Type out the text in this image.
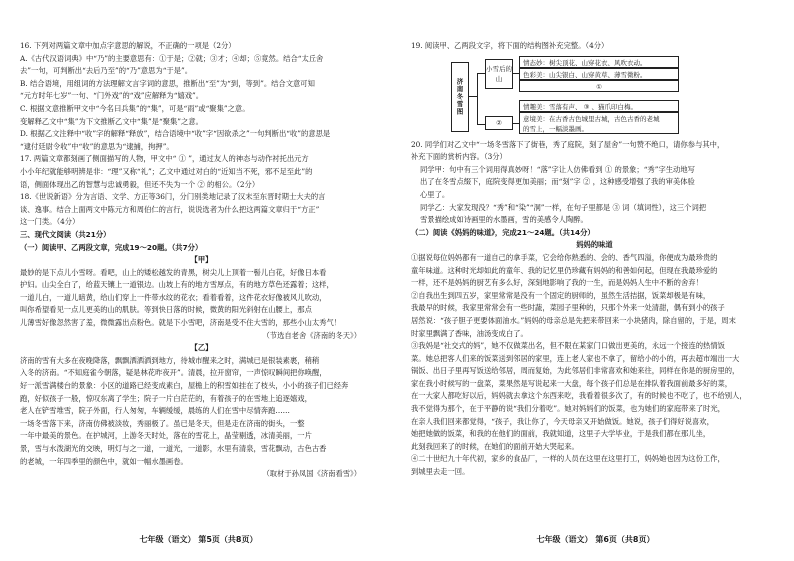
16. 下列对两篇文章中加点字意思的解说，不正确的一项是（2分）

A.《古代汉语词典》中“乃”的主要意思有：①于是；②就；③才；④却；⑤竟然。结合“太丘舍

去”一句，可判断出“去后乃至”的“乃”意思为“于是”。

B. 结合语境，用组词的方法理解文言字词的意思，推断出“至”为“到，等到”。结合文意可知

“元方时年七岁”一句、“门外戏”的“戏”应解释为“嬉戏”。

C. 根据文意推断甲文中“今名曰兵集”的“集”，可是“雨”或“聚集”之意。

变解释乙文中“集”为下文推断乙文中“集”是“聚集”之意。

D. 根据乙文注释中“收”字的解释“释放”，结合语境中“收”字“因欲杀之”一句判断出“收”的意思是

“逮付廷尉令收”中“收”的意思为“逮捕，拘押”。

17. 两篇文章都刻画了侧面描写的人物，甲文中“ ① ”，通过友人的神态与动作衬托出元方

小小年纪就能够明辨是非：“理”又称“礼”；乙文中通过对白的“近知当不死，邪不足至此”的

语，侧面体现出乙的智慧与忠诚勇毅，但还不失为一个 ② 的相公。（2分）

18.《世说新语》分为言语、文学、方正等36门，分门别类地记录了汉末至东晋时期士大夫的言

谈、逸事。结合上面两文中陈元方和周伯仁的言行，说说选者为什么把这两篇文章归于“方正”

这一门类。（4分）

三、现代文阅读（共21分）

（一）阅读甲、乙两段文章，完成19～20题。（共7分）

【甲】

最妙的是下点儿小雪呀。看吧，山上的矮松越发的青黑，树尖儿上顶着一髻儿白花，好像日本看

护妇。山尖全白了，给蓝天镶上一道银边。山坡上有的地方雪厚点，有的地方草色还露着；这样，

一道儿白，一道儿暗黄，给山们穿上一件带水纹的花衣；看着看着，这件花衣好像被风儿吹动，

叫你希望看见一点儿更美的山的肌肤。等到快日落的时候，微黄的阳光斜射在山腰上，那点

儿薄雪好像忽然害了羞，微微露出点粉色。就是下小雪吧，济南是受不住大雪的，那些小山太秀气！

（节选自老舍《济南的冬天》）

【乙】

济南的雪有大多在夜晚降落，飘飘洒洒洒到地方，待城市醒来之时，满城已是银装素裹，稍稍

入冬的济南。“不知庭雀今朝落，疑是林花昨夜开”。清晨，拉开窗帘，一声惊叹瞬间把你唤醒，

好一派雪满楼台的景象：小区的道路已经变成素白，屋檐上的积雪如挂在了枝头，小小的孩子们已经奔

跑，好似孩子一般，惊叹东离了学生；院子一片白茫茫的，有着孩子的在雪地上追逐嬉戏，

老人在铲雪堆雪，院子外面，行人匆匆，车辆缓缓，晨练的人们在雪中尽情奔跑……

一场冬雪落下来，济南仿佛被淡妆，秀丽极了。虽已是冬天，但是走在济南的街头，一整

一年中最美的景色。在护城河，上游冬天时处，落在的雪花上，晶莹剔透，冰清美丽，一片

景，雪与水泼湖光的交映，明灯与之一道，一道光，一道影，水里有清泉，雪花飘动，古色古香

的老城，一年四季里的颜色中，就如一幅水墨画卷。

（取材于孙凤国《济南看雪》）

七年级（语文） 第5页（共8页）

19. 阅读甲、乙两段文字，将下面的结构图补充完整。（4分）

济南冬雪图
小雪后的山
②
情态妙：树尖顶花、山穿花衣、风吹衣动。
色彩美：山尖银白、山穿黄草、薄雪微粉。
①
情趣美：雪落有声、 ③ 、猫爪印白梅。
意境美：在古香古色城里古城，古色古香的老城
的雪上，一幅淡墨画。

20. 同学们对乙文中“一场冬雪落下了街巷，秀了庭院，刻了屋舍”一句赞不绝口，请你参与其中，

补充下面的赏析内容。（3分）

同学甲：句中有三个词用得真妙呀！“落”字让人仿佛看到 ① 的景象；“秀”字生动地写

出了在冬雪点缀下，庭院变得更加美丽；而“刻”字 ② ，这种感受增强了我的审美体验

心里了。

同学乙：大家发现没？“秀”和“染”“洞”一样，在句子里都是 ③ 词（填词性），这三个词把

雪景描绘成如诗画里的水墨画，雪的美感令人陶醉。

（二）阅读《妈妈的味道》，完成21～24题。（共14分）

妈妈的味道

①据说每位妈妈都有一道自己的拿手菜，它会给你熟悉的、会的、香气四溢，你便成为最珍贵的

童年味道。这种时光却如此的童年、我的记忆里仍珍藏有妈妈的和善如何起，但现在我最珍爱的

一样，还不是妈妈的厨艺有多么好，深刻地影响了我的一生，而是妈妈人生中不断的舍弃！

②自我出生到四五岁，家里常常是没有一个固定的厨师的，虽然生活拮据，饭菜却极是有味，

我最早的时候，我家里常常会有一些时蔬，菜园子里种的，只那个外来一处清甜，偶有到小的孩子

居然说：“孩子胆子更要体面油水。”妈妈的母亲总是先把来带回来一小块猪肉，除自留的，于是，周末

时家里飘满了香味，油汤变成白了。

③我妈是“社交式的妈”，她不仅做菜出名，但不限在某家门口做出更美的，永远一个接连的热情饭

菜。她总把客人们来的饭菜送到邻居的家里，连上老人家也不拿了，留给小的小的，再去超市端出一大

锅饭、出日子里再写饭送给邻居，周而复始，为此邻居们非常喜欢和她来往，同样在你是的厨房里的，

家在我小时候写的一盘菜，菜果然是写说起来一大盘，每个孩子们总是在排队着我面前最多好的菜，

在一大家人都吃好以后，妈妈就去拿这个东西来吃，我看着很多次了，有的时候也不吃了，也不给别人，

我不觉得为那个，在于平静的说“我们分着吃”。她对妈妈们的饭菜，也为她们的家庭带来了时光，

在亲人我们回来都觉得，“孩子，我让你了，今天母亲又开始做饭。她说，孩子们得好说喜欢，

她把她做的饭菜，和我的在他们的面前，我就知道，这里子大学毕业，于是我们都在那儿坐，

此刻我回来了的时候，在她们的面前开始大哭起来。

④二十世纪九十年代初，家乡的食品厂，一样的人员在这里在这里打工，妈妈她也因为这份工作，

到城里去走一回。

七年级（语文） 第6页（共8页）
